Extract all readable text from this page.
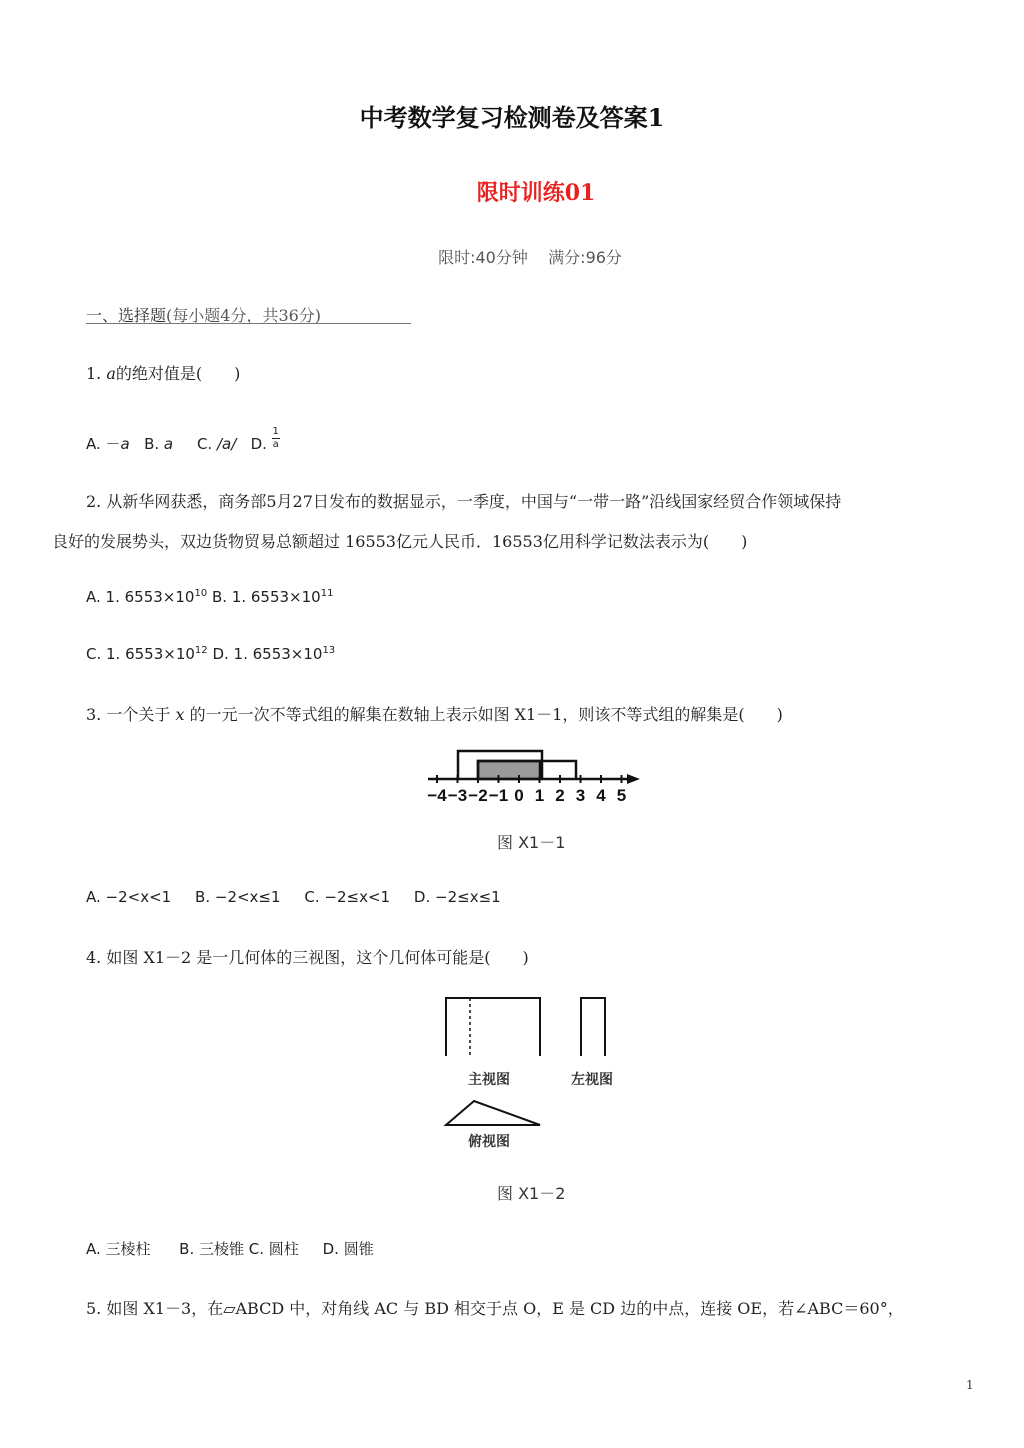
中考数学复习检测卷及答案1
限时训练01
限时:40分钟 满分:96分
一、选择题(每小题4分，共36分)
1. a的绝对值是(　　)
A. －a B. a C. /a/ D. $\frac{1}{a}$
2. 从新华网获悉，商务部5月27日发布的数据显示，一季度，中国与“一带一路”沿线国家经贸合作领域保持
良好的发展势头，双边货物贸易总额超过 16553亿元人民币．16553亿用科学记数法表示为(　　)
A. 1. $6553\times 10^{10}$ B. 1. $6553\times 10^{11}$
C. 1. $6553\times 10^{12}$ D. 1. $6553\times 10^{13}$
3. 一个关于 x 的一元一次不等式组的解集在数轴上表示如图 X1－1，则该不等式组的解集是(　　)
−4 −3 −2 −1 0 1 2 3 4 5
图 X1－1
A. −2<x<1 B. −2<x≤1 C. −2≤x<1 D. −2≤x≤1
4. 如图 X1－2 是一几何体的三视图，这个几何体可能是(　　)
主视图	左视图
俯视图
图 X1－2
A. 三棱柱 B. 三棱锥 C. 圆柱 D. 圆锥
5. 如图 X1－3，在▱ABCD 中，对角线 AC 与 BD 相交于点 O，E 是 CD 边的中点，连接 OE，若∠ABC＝60°，
1
